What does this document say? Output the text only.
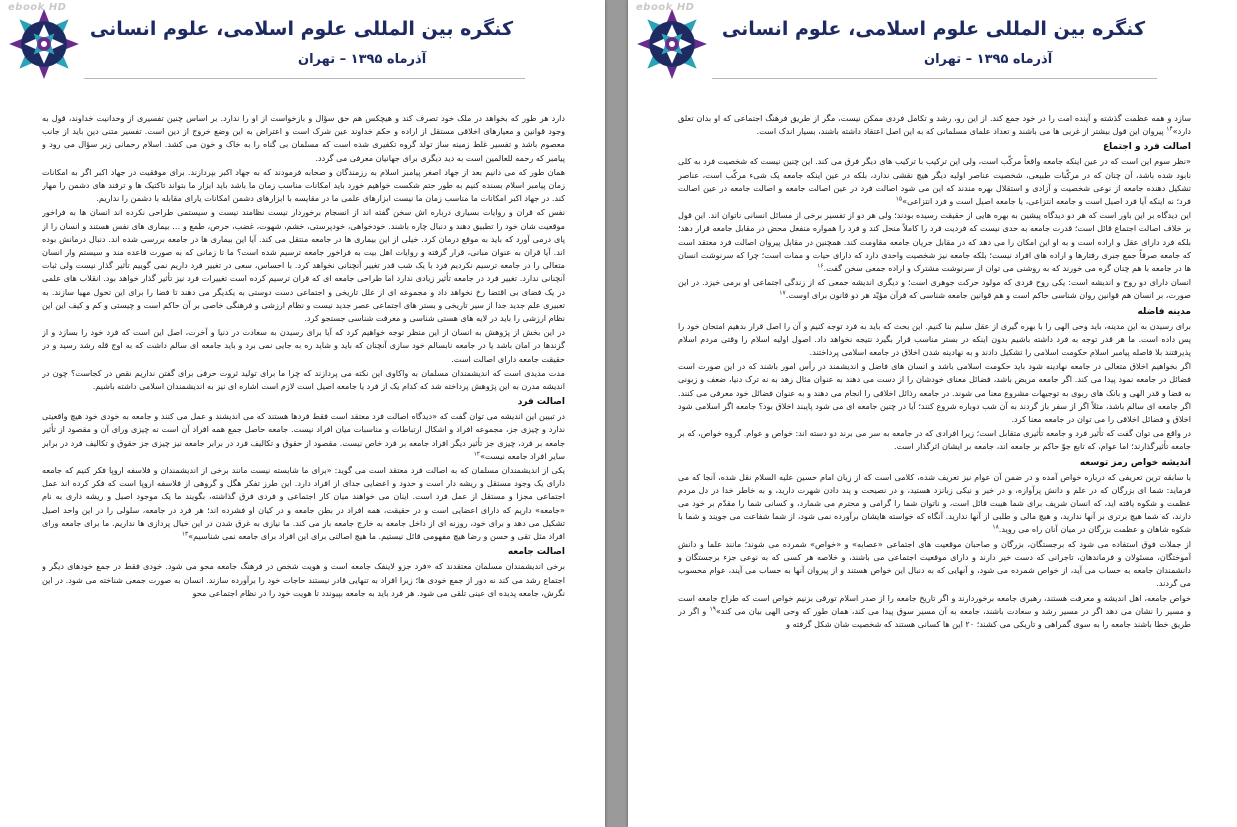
ebook HD
کنگره بین المللی علوم اسلامی، علوم انسانی
آذرماه ۱۳۹۵ – تهران

دارد هر طور که بخواهد در ملک خود تصرف کند و هیچکس هم حق سؤال و بازخواست از او را ندارد. بر اساس چنین تفسیری از وحدانیت خداوند، قول به وجود قوانین و معیارهای اخلاقی مستقل از اراده و حکم خداوند عین شرک است و اعتراض به این وضع خروج از دین است. تفسیر متنی دین باید از جانب معصوم باشد و تفسیر غلط زمینه ساز تولد گروه تکفیری شده است که مسلمان بی گناه را به خاک و خون می کشد. اسلام رحمانی زیر سؤال می رود و پیامبر که رحمه للعالمین است به دید دیگری برای جهانیان معرفی می گردد.

همان طور که می دانیم بعد از جهاد اصغر پیامبر اسلام به رزمندگان و صحابه فرمودند که به جهاد اکبر بپردازند. برای موفقیت در جهاد اکبر اگر به امکانات زمان پیامبر اسلام بسنده کنیم به طور حتم شکست خواهیم خورد باید امکانات مناسب زمان ما باشد باید ابزار ما بتواند تاکتیک ها و ترفند های دشمن را مهار کند. در جهاد اکبر امکانات ما مناسب زمان ما نیست ابزارهای علمی ما در مقایسه با ابزارهای دشمن امکانات یارای مقابله با دشمن را نداریم.

نفس که قران و روایات بسیاری درباره اش سخن گفته اند از انسجام برخوردار نیست نظامند نیست و سیستمی طراحی نکرده اند انسان ها به فراخور موقعیت شان خود را تطبیق دهند و دنبال چاره باشند. خودخواهی، خودپرستی، خشم، شهوت، غضب، حرص، طمع و … بیماری های نفس هستند و انسان را از پای درمی آورد که باید به موقع درمان کرد. خیلی از این بیماری ها در جامعه منتقل می کند. آیا این بیماری ها در جامعه بررسی شده اند. دنبال درمانش بوده اند. آیا قران به عنوان مبانی، قرار گرفته و روایات اهل بیت به فراخور جامعه ترسیم شده است؟ ما تا زمانی که به صورت قاعده مند و سیستم وار انسان متعالی را در جامعه ترسیم نکردیم فرد با یک شب قدر تغییر آنچنانی نخواهد کرد. با احساس، سعی در تغییر فرد داریم نمی گوییم تأثیر گذار نیست ولی ثبات آنچنانی ندارد. تغییر فرد در جامعه تأثیر زیادی ندارد اما طراحی جامعه ای که قران ترسیم کرده است تغییرات فرد نیز تأثیر گذار خواهد بود. انقلاب های علمی در یک فضای بی اقتضا رخ نخواهد داد و مجموعه ای از علل تاریخی و اجتماعی دست دوستی به یکدیگر می دهند تا فضا را برای این تحول مهیا سازند. به تعبیری علم جدید جدا از سیر تاریخی و بستر های اجتماعی عصر جدید نیست و نظام ارزشی و فرهنگی خاصی بر آن حاکم است و چیستی و کم و کیف این این نظام ارزشی را باید در لایه های هستی شناسی و معرفت شناسی جستجو کرد.

در این بخش از پژوهش به انسان از این منظر توجه خواهیم کرد که آیا برای رسیدن به سعادت در دنیا و آخرت، اصل این است که فرد خود را بسازد و از گزندها در امان باشد یا در جامعه نابسالم خود سازی آنچنان که باید و شاید ره به جایی نمی برد و باید جامعه ای سالم داشت که به اوج قله رشد رسید و در حقیقت جامعه دارای اصالت است.

مدت مدیدی است که اندیشمندان مسلمان به واکاوی این نکته می پردازند که چرا ما برای تولید ثروت حرفی برای گفتن نداریم نقص در کجاست؟ چون در اندیشه مدرن به این پژوهش پرداخته شد که کدام یک از فرد یا جامعه اصیل است لازم است اشاره ای نیز به اندیشمندان اسلامی داشته باشیم.

اصالت فرد

در تبیین این اندیشه می توان گفت که «دیدگاه اصالت فرد معتقد است فقط فردها هستند که می اندیشند و عمل می کنند و جامعه به خودی خود هیچ واقعیتی ندارد و چیزی جز، مجموعه افراد و اشکال ارتباطات و مناسبات میان افراد نیست. جامعه حاصل جمع همه افراد آن است نه چیزی ورای آن و مقصود از تأثیر جامعه بر فرد، چیزی جز تأثیر دیگر افراد جامعه بر فرد خاص نیست. مقصود از حقوق و تکالیف فرد در برابر جامعه نیز چیزی جز حقوق و تکالیف فرد در برابر سایر افراد جامعه نیست»$^{۱۲}$

یکی از اندیشمندان مسلمان که به اصالت فرد معتقد است می گوید: «برای ما شایسته نیست مانند برخی از اندیشمندان و فلاسفه اروپا فکر کنیم که جامعه دارای یک وجود مستقل و ریشه دار است و حدود و اعضایی جدای از افراد دارد. این طرز تفکر هگل و گروهی از فلاسفه اروپا است که فکر کرده اند عمل اجتماعی مجزا و مستقل از عمل فرد است. اینان می خواهند میان کار اجتماعی و فردی فرق گذاشته، بگویند ما یک موجود اصیل و ریشه داری به نام «جامعه» داریم که دارای اعضایی است و در حقیقت، همه افراد در بطن جامعه و در کیان او فشرده اند؛ هر فرد در جامعه، سلولی را در این واحد اصیل تشکیل می دهد و برای خود، روزنه ای از داخل جامعه به خارج جامعه باز می کند. ما نیازی به غرق شدن در این خیال پردازی ها نداریم. ما برای جامعه ورای افراد مثل تقی و حسن و رضا هیچ مفهومی قائل نیستیم. ما هیچ اصالتی برای این افراد برای جامعه نمی شناسیم»$^{۱۳}$

اصالت جامعه

برخی اندیشمندان مسلمان معتقدند که «فرد جزو لاینفک جامعه است و هویت شخص در فرهنگ جامعه محو می شود. خودی فقط در جمع خودهای دیگر و اجتماع رشد می کند نه دور از جمع خودی ها؛ زیرا افراد به تنهایی قادر نیستند حاجات خود را برآورده سازند. انسان به صورت جمعی شناخته می شود. در این نگرش، جامعه پدیده ای عینی تلقی می شود. هر فرد باید به جامعه بپیوندد تا هویت خود را در نظام اجتماعی محو

ebook HD
کنگره بین المللی علوم اسلامی، علوم انسانی
آذرماه ۱۳۹۵ – تهران

سازد و همه عظمت گذشته و آینده امت را در خود جمع کند. از این رو، رشد و تکامل فردی ممکن نیست، مگر از طریق فرهنگ اجتماعی که او بدان تعلق دارد»$^{۱۴}$ پیروان این قول بیشتر از غربی ها می باشند و تعداد علمای مسلمانی که به این اصل اعتقاد داشته باشند، بسیار اندک است.

اصالت فرد و اجتماع

«نظر سوم این است که در عین اینکه جامعه واقعاً مرکّب است، ولی این ترکیب با ترکیب های دیگر فرق می کند. این چنین نیست که شخصیت فرد به کلی نابود شده باشد، آن چنان که در مرکّبات طبیعی، شخصیت عناصر اولیه دیگر هیچ نقشی ندارد، بلکه در عین اینکه جامعه یک شیء مرکّب است، عناصر تشکیل دهنده جامعه از نوعی شخصیت و آزادی و استقلال بهره مندند که این می شود اصالت فرد در عین اصالت جامعه و اصالت جامعه در عین اصالت فرد؛ نه اینکه آیا فرد اصیل است و جامعه انتزاعی، یا جامعه اصیل است و فرد انتزاعی»$^{۱۵}$

این دیدگاه بر این باور است که هر دو دیدگاه پیشین به بهره هایی از حقیقت رسیده بودند؛ ولی هر دو از تفسیر برخی از مسائل انسانی ناتوان اند. این قول بر خلاف اصالت اجتماع قائل است؛ قدرت جامعه به حدی نیست که فردیت فرد را کاملاً منحل کند و فرد را همواره منفعل محض در مقابل جامعه قرار دهد؛ بلکه فرد دارای عقل و اراده است و به او این امکان را می دهد که در مقابل جریان جامعه مقاومت کند. همچنین در مقابل پیروان اصالت فرد معتقد است که جامعه صرفاً جمع جبری رفتارها و اراده های افراد نیست؛ بلکه جامعه نیز شخصیت واحدی دارد که دارای حیات و ممات است؛ چرا که سرنوشت انسان ها در جامعه با هم چنان گره می خورند که به روشنی می توان از سرنوشت مشترک و اراده جمعی سخن گفت.$^{۱۶}$

انسان دارای دو روح و اندیشه است: یکی روح فردی که مولود حرکت جوهری است؛ و دیگری اندیشه جمعی که از زندگی اجتماعی او برمی خیزد. در این صورت، بر انسان هم قوانین روان شناسی حاکم است و هم قوانین جامعه شناسی که قرآن مؤیّد هر دو قانون برای اوست.$^{۱۷}$

مدینه فاضله

برای رسیدن به این مدینه، باید وحی الهی را با بهره گیری از عقل سلیم بنا کنیم. این بحث که باید به فرد توجه کنیم و آن را اصل قرار بدهیم امتحان خود را پس داده است. ما هر قدر توجه به فرد داشته باشیم بدون اینکه در بستر مناسب قرار بگیرد نتیجه نخواهد داد. اصول اولیه اسلام را وقتی مردم اسلام پذیرفتند بلا فاصله پیامبر اسلام حکومت اسلامی را تشکیل دادند و به نهادینه شدن اخلاق در جامعه اسلامی پرداختند.

اگر بخواهیم اخلاق متعالی در جامعه نهادینه شود باید حکومت اسلامی باشد و انسان های فاضل و اندیشمند در رأس امور باشند که در این صورت است فضائل در جامعه نمود پیدا می کند. اگر جامعه مریض باشد، فضائل معنای خودشان را از دست می دهند به عنوان مثال زهد به نه ترک دنیا، ضعف و زبونی به فضا و قدر الهی و بانک های ربوی به توجیهات مشروع معنا می شوند. در جامعه رذائل اخلاقی را انجام می دهند و به عنوان فضائل خود معرفی می کنند. اگر جامعه ای سالم باشد، مثلاً اگر از سفر باز گردند به آن شب دوباره شروع کنند؛ آیا در چنین جامعه ای می شود پایبند اخلاق بود؟ جامعه اگر اسلامی شود اخلاق و فضائل اخلاقی را می توان در جامعه معنا کرد.

در واقع می توان گفت که تأثیر فرد و جامعه تأثیری متقابل است؛ زیرا افرادی که در جامعه به سر می برند دو دسته اند: خواص و عوام. گروه خواص، که بر جامعه تأثیرگذارند؛ اما عوام، که تابع جوّ حاکم بر جامعه اند، جامعه بر ایشان اثرگذار است.

اندیشه خواص رمز توسعه

با سابقه ترین تعریفی که درباره خواص آمده و در ضمن آن عوام نیز تعریف شده، کلامی است که از زبان امام حسین علیه السلام نقل شده، آنجا که می فرماید: شما ای بزرگان که در علم و دانش پرآوازه، و در خیر و نیکی زبانزد هستید، و در نصیحت و پند دادن شهرت دارید، و به خاطر خدا در دل مردم عظمت و شکوه یافته اید، که انسان شریف برای شما هیبت قائل است، و ناتوان شما را گرامی و محترم می شمارد، و کسانی شما را مقدّم بر خود می دارند، که شما هیچ برتری بر آنها ندارید، و هیچ مالی و طلبی از آنها ندارید. آنگاه که خواسته هایشان برآورده نمی شود، از شما شفاعت می جویند و شما با شکوه شاهان و عظمت بزرگان در میان آنان راه می روید.$^{۱۸}$

از جملات فوق استفاده می شود که برجستگان، بزرگان و صاحبان موقعیت های اجتماعی «عصابه» و «خواص» شمرده می شوند؛ مانند علما و دانش آموختگان، مسئولان و فرماندهان، تاجرانی که دست خیر دارند و دارای موقعیت اجتماعی می باشند، و خلاصه هر کسی که به نوعی جزء برجستگان و دانشمندان جامعه به حساب می آید، از خواص شمرده می شود، و آنهایی که به دنبال این خواص هستند و از پیروان آنها به حساب می آیند، عوام محسوب می گردند.

خواص جامعه، اهل اندیشه و معرفت هستند، رهبری جامعه برخوردارند و اگر تاریخ جامعه را از صدر اسلام تورقی بزنیم خواص است که طراح جامعه است و مسیر را نشان می دهد اگر در مسیر رشد و سعادت باشند، جامعه به آن مسیر سوق پیدا می کند، همان طور که وحی الهی بیان می کند»$^{۱۹}$ و اگر در طریق خطا باشند جامعه را به سوی گمراهی و تاریکی می کشند؛ ۲۰ این ها کسانی هستند که شخصیت شان شکل گرفته و
